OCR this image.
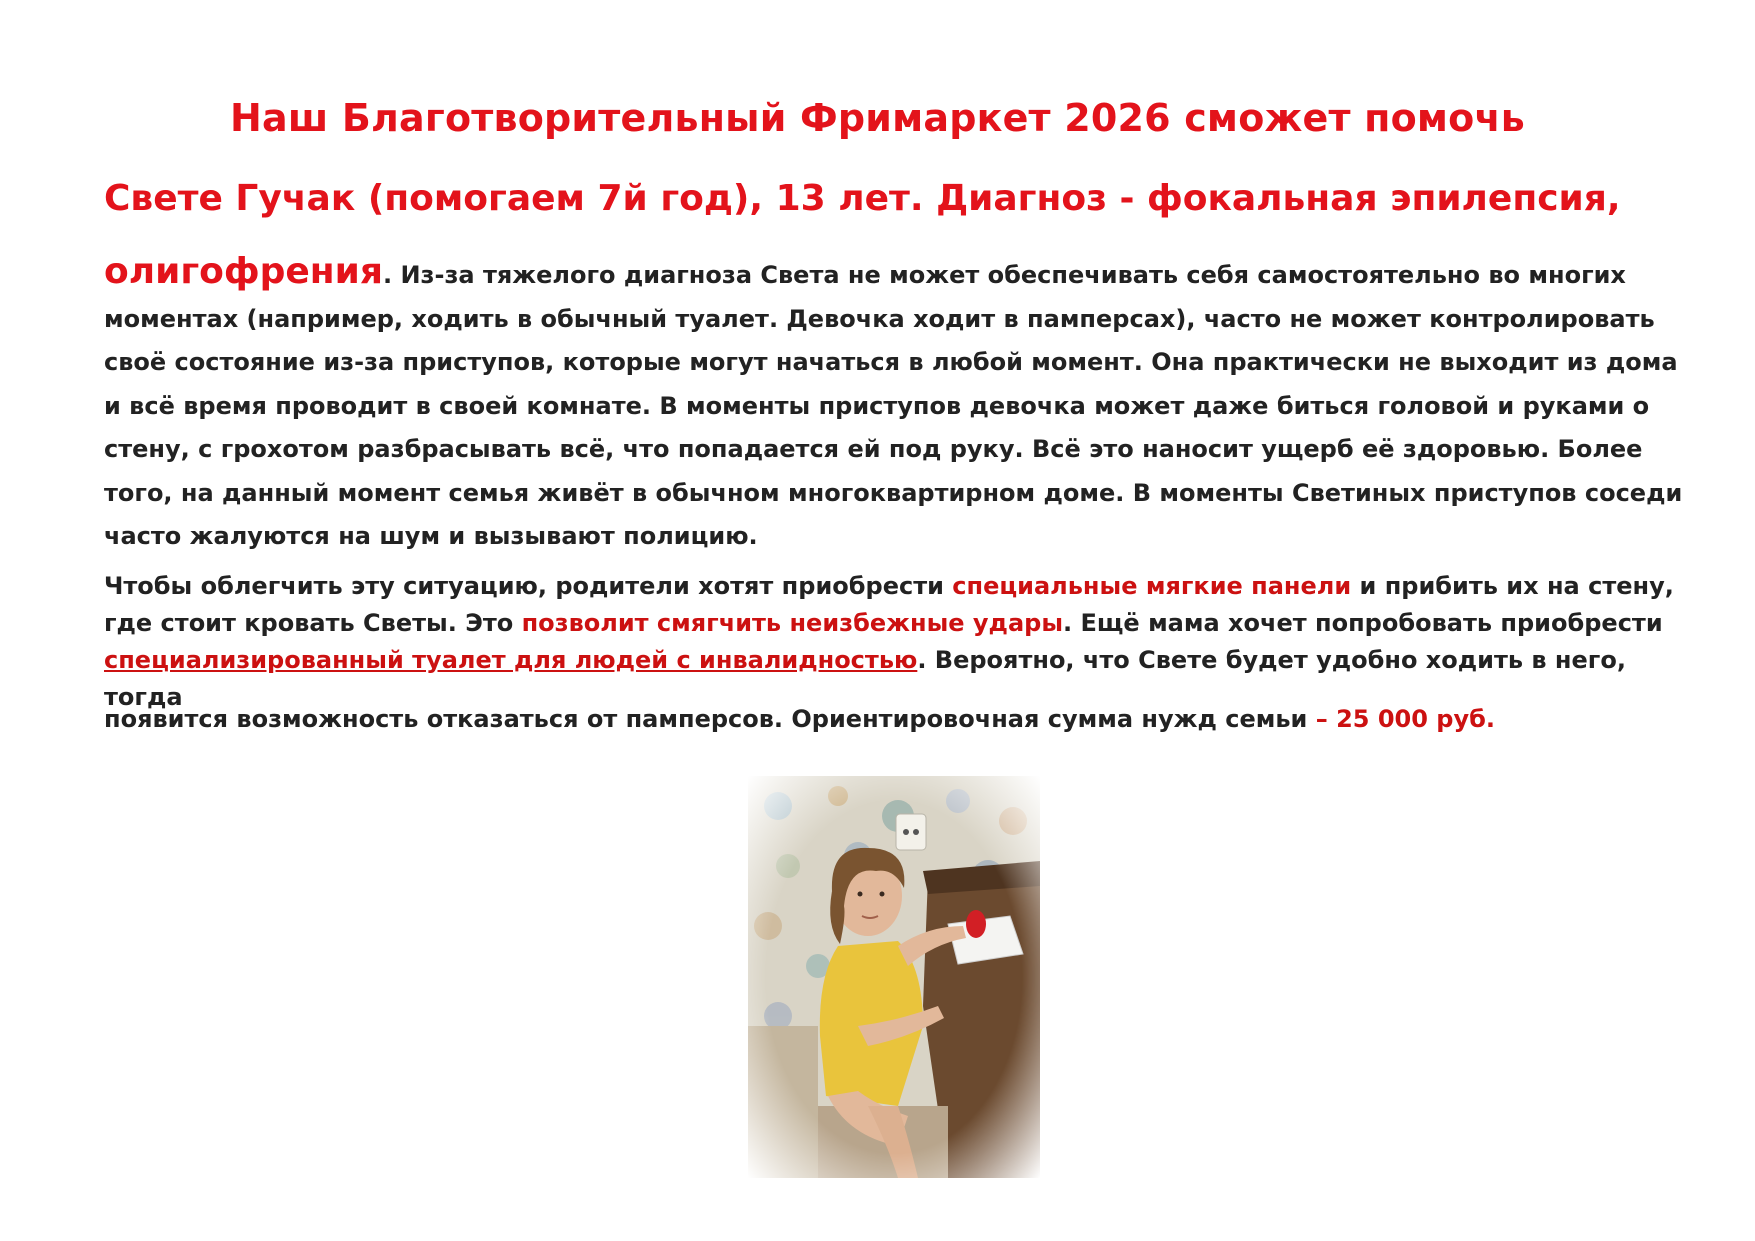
Наш Благотворительный Фримаркет 2026 сможет помочь
Свете Гучак (помогаем 7й год), 13 лет. Диагноз - фокальная эпилепсия,

олигофрения. Из-за тяжелого диагноза Света не может обеспечивать себя самостоятельно во многих моментах (например, ходить в обычный туалет. Девочка ходит в памперсах), часто не может контролировать своё состояние из-за приступов, которые могут начаться в любой момент. Она практически не выходит из дома и всё время проводит в своей комнате. В моменты приступов девочка может даже биться головой и руками о стену, с грохотом разбрасывать всё, что попадается ей под руку. Всё это наносит ущерб её здоровью. Более того, на данный момент семья живёт в обычном многоквартирном доме. В моменты Светиных приступов соседи часто жалуются на шум и вызывают полицию.

Чтобы облегчить эту ситуацию, родители хотят приобрести специальные мягкие панели и прибить их на стену, где стоит кровать Светы. Это позволит смягчить неизбежные удары. Ещё мама хочет попробовать приобрести специализированный туалет для людей с инвалидностью. Вероятно, что Свете будет удобно ходить в него, тогда

появится возможность отказаться от памперсов. Ориентировочная сумма нужд семьи – 25 000 руб.
